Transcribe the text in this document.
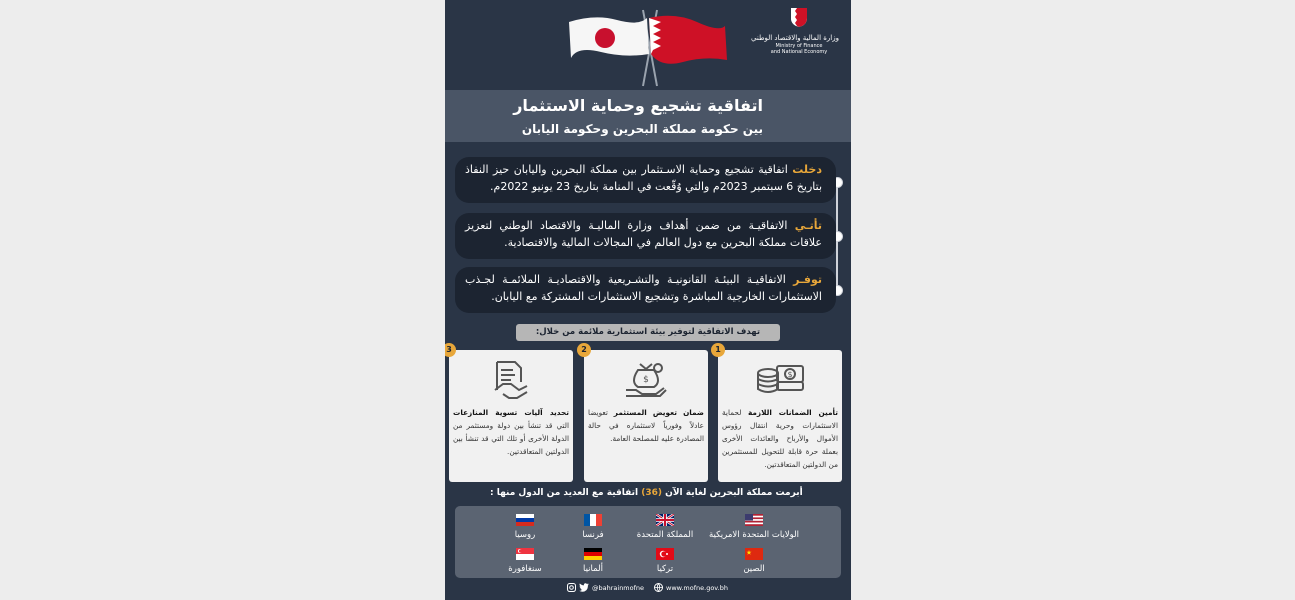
وزارة المالية والاقتصاد الوطني
Ministry of Finance
and National Economy
اتفاقية تشجيع وحماية الاستثمار
بين حكومة مملكة البحرين وحكومة اليابان
دخلت اتفاقية تشجيع وحماية الاسـتثمار بين مملكة البحرين واليابان حيز النفاذ بتاريخ 6 سبتمبر 2023م والتي وُقّعت في المنامة بتاريخ 23 يونيو 2022م.
تأتـي الاتفاقيـة من ضمن أهداف وزارة الماليـة والاقتصاد الوطني لتعزيز علاقات مملكة البحرين مع دول العالم في المجالات المالية والاقتصادية.
توفـر الاتفاقيـة البيئـة القانونيـة والتشـريعية والاقتصاديـة الملائمـة لجـذب الاستثمارات الخارجية المباشرة وتشجيع الاستثمارات المشتركة مع اليابان.
تهدف الاتفاقية لتوفير بيئة استثمارية ملائمة من خلال:
1
$
تأمين الضمانات اللازمة لحماية الاستثمارات وحرية انتقال رؤوس الأموال والأرباح والعائدات الأخرى بعملة حرة قابلة للتحويل للمستثمرين من الدولتين المتعاقدتين.
2
$
ضمان تعويض المستثمر تعويضا عادلاً وفورياً لاستثماره في حالة المصادرة عليه للمصلحة العامة.
3
تحديد آليات تسوية المنازعات التي قد تنشأ بين دولة ومستثمر من الدولة الأخرى أو تلك التي قد تنشأ بين الدولتين المتعاقدتين.
أبرمت مملكة البحرين لغاية الآن (36) اتفاقية مع العديد من الدول منها :
الولايات المتحدة الامريكية
المملكة المتحدة
فرنسا
روسيا
الصين
تركيا
ألمانيا
سنغافورة
@bahrainmofne	www.mofne.gov.bh
